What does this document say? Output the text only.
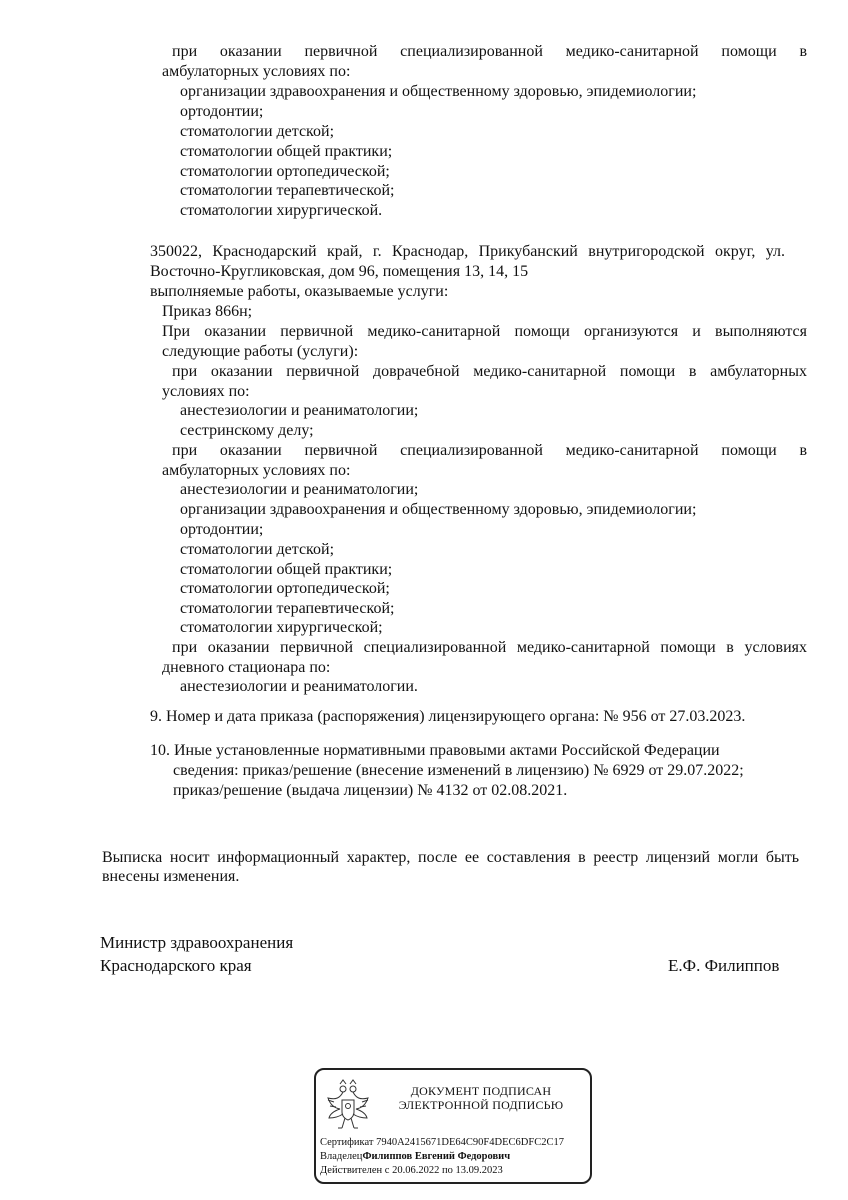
при оказании первичной специализированной медико-санитарной помощи в
амбулаторных условиях по:
организации здравоохранения и общественному здоровью, эпидемиологии;
ортодонтии;
стоматологии детской;
стоматологии общей практики;
стоматологии ортопедической;
стоматологии терапевтической;
стоматологии хирургической.
350022, Краснодарский край, г. Краснодар, Прикубанский внутригородской округ, ул.
Восточно-Кругликовская, дом 96, помещения 13, 14, 15
выполняемые работы, оказываемые услуги:
Приказ 866н;
При оказании первичной медико-санитарной помощи организуются и выполняются
следующие работы (услуги):
при оказании первичной доврачебной медико-санитарной помощи в амбулаторных
условиях по:
анестезиологии и реаниматологии;
сестринскому делу;
при оказании первичной специализированной медико-санитарной помощи в
амбулаторных условиях по:
анестезиологии и реаниматологии;
организации здравоохранения и общественному здоровью, эпидемиологии;
ортодонтии;
стоматологии детской;
стоматологии общей практики;
стоматологии ортопедической;
стоматологии терапевтической;
стоматологии хирургической;
при оказании первичной специализированной медико-санитарной помощи в условиях
дневного стационара по:
анестезиологии и реаниматологии.
9. Номер и дата приказа (распоряжения) лицензирующего органа: № 956 от 27.03.2023.
10. Иные установленные нормативными правовыми актами Российской Федерации
сведения: приказ/решение (внесение изменений в лицензию) № 6929 от 29.07.2022;
приказ/решение (выдача лицензии) № 4132 от 02.08.2021.
Выписка носит информационный характер, после ее составления в реестр лицензий могли быть
внесены изменения.
Министр здравоохранения
Краснодарского края	Е.Ф. Филиппов
ДОКУМЕНТ ПОДПИСАН
ЭЛЕКТРОННОЙ ПОДПИСЬЮ
Сертификат 7940A2415671DE64C90F4DEC6DFC2C17
ВладелецФилиппов Евгений Федорович
Действителен с 20.06.2022 по 13.09.2023
